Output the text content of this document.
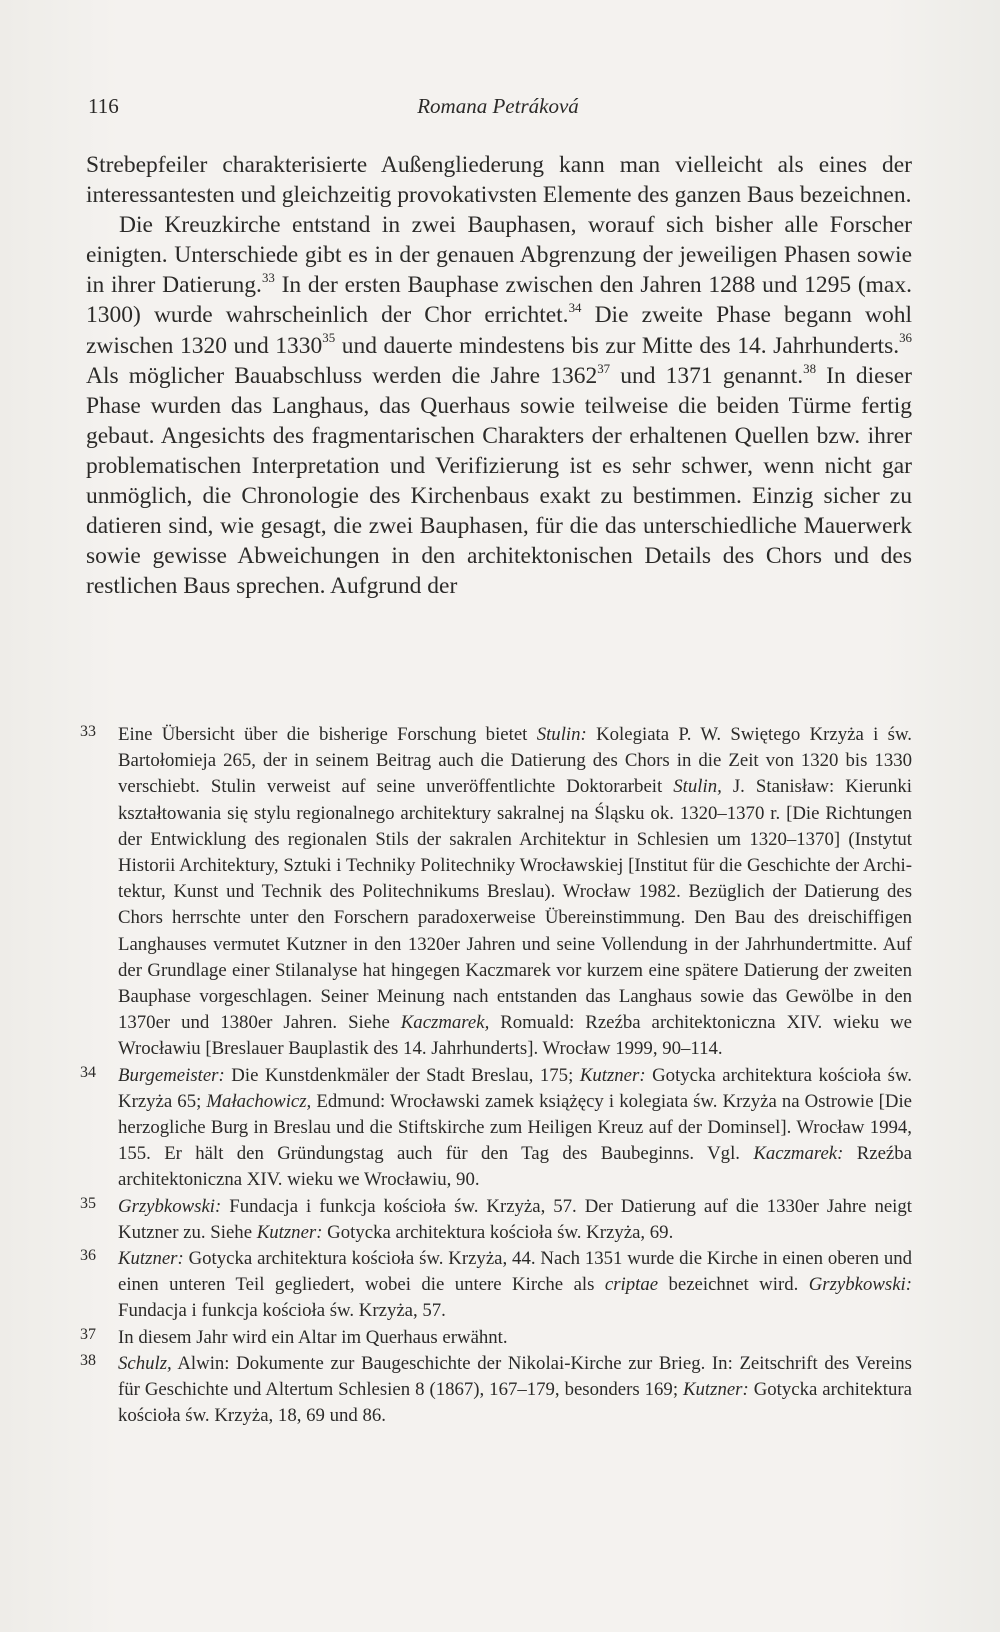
116	Romana Petráková

Strebepfeiler charakterisierte Außengliederung kann man vielleicht als eines der interessantesten und gleichzeitig provokativsten Elemente des ganzen Baus bezeichnen.

Die Kreuzkirche entstand in zwei Bauphasen, worauf sich bisher alle Forscher einigten. Unterschiede gibt es in der genauen Abgrenzung der jeweiligen Phasen sowie in ihrer Datierung.$^{33}$ In der ersten Bauphase zwischen den Jahren 1288 und 1295 (max. 1300) wurde wahrscheinlich der Chor errichtet.$^{34}$ Die zweite Phase begann wohl zwischen 1320 und 1330$^{35}$ und dauerte mindestens bis zur Mitte des 14. Jahrhunderts.$^{36}$ Als möglicher Bauabschluss werden die Jahre 1362$^{37}$ und 1371 genannt.$^{38}$ In dieser Phase wurden das Langhaus, das Querhaus sowie teilweise die beiden Türme fertig gebaut. Angesichts des fragmentarischen Charakters der erhaltenen Quellen bzw. ihrer problematischen Interpretation und Verifizierung ist es sehr schwer, wenn nicht gar unmöglich, die Chronologie des Kirchenbaus exakt zu bestimmen. Einzig sicher zu datieren sind, wie gesagt, die zwei Bauphasen, für die das unterschiedliche Mauerwerk sowie gewisse Abweichungen in den architektonischen Details des Chors und des restlichen Baus sprechen. Aufgrund der

33 Eine Übersicht über die bisherige Forschung bietet Stulin: Kolegiata P. W. Swiętego Krzyża i św. Bartołomieja 265, der in seinem Beitrag auch die Datierung des Chors in die Zeit von 1320 bis 1330 verschiebt. Stulin verweist auf seine unveröffentlichte Doktorarbeit Stulin, J. Stanisław: Kierunki kształtowania się stylu regionalnego architektury sakralnej na Śląsku ok. 1320–1370 r. [Die Richtungen der Entwicklung des regionalen Stils der sakralen Architektur in Schlesien um 1320–1370] (Instytut Historii Architektury, Sztuki i Techniky Politechniky Wrocławskiej [Institut für die Geschichte der Architektur, Kunst und Technik des Politechnikums Breslau). Wrocław 1982. Bezüglich der Datierung des Chors herrschte unter den Forschern paradoxerweise Übereinstimmung. Den Bau des dreischiffigen Langhauses vermutet Kutzner in den 1320er Jahren und seine Vollendung in der Jahrhundertmitte. Auf der Grundlage einer Stilanalyse hat hingegen Kaczmarek vor kurzem eine spätere Datierung der zweiten Bauphase vorgeschlagen. Seiner Meinung nach entstanden das Langhaus sowie das Gewölbe in den 1370er und 1380er Jahren. Siehe Kaczmarek, Romuald: Rzeźba architektoniczna XIV. wieku we Wrocławiu [Breslauer Bauplastik des 14. Jahrhunderts]. Wrocław 1999, 90–114.

34 Burgemeister: Die Kunstdenkmäler der Stadt Breslau, 175; Kutzner: Gotycka architektura kościoła św. Krzyża 65; Małachowicz, Edmund: Wrocławski zamek książęcy i kolegiata św. Krzyża na Ostrowie [Die herzogliche Burg in Breslau und die Stiftskirche zum Heiligen Kreuz auf der Dominsel]. Wrocław 1994, 155. Er hält den Gründungstag auch für den Tag des Baubeginns. Vgl. Kaczmarek: Rzeźba architektoniczna XIV. wieku we Wrocławiu, 90.

35 Grzybkowski: Fundacja i funkcja kościoła św. Krzyża, 57. Der Datierung auf die 1330er Jahre neigt Kutzner zu. Siehe Kutzner: Gotycka architektura kościoła św. Krzyża, 69.

36 Kutzner: Gotycka architektura kościoła św. Krzyża, 44. Nach 1351 wurde die Kirche in einen oberen und einen unteren Teil gegliedert, wobei die untere Kirche als criptae bezeichnet wird. Grzybkowski: Fundacja i funkcja kościoła św. Krzyża, 57.

37 In diesem Jahr wird ein Altar im Querhaus erwähnt.

38 Schulz, Alwin: Dokumente zur Baugeschichte der Nikolai-Kirche zur Brieg. In: Zeitschrift des Vereins für Geschichte und Altertum Schlesien 8 (1867), 167–179, besonders 169; Kutzner: Gotycka architektura kościoła św. Krzyża, 18, 69 und 86.
